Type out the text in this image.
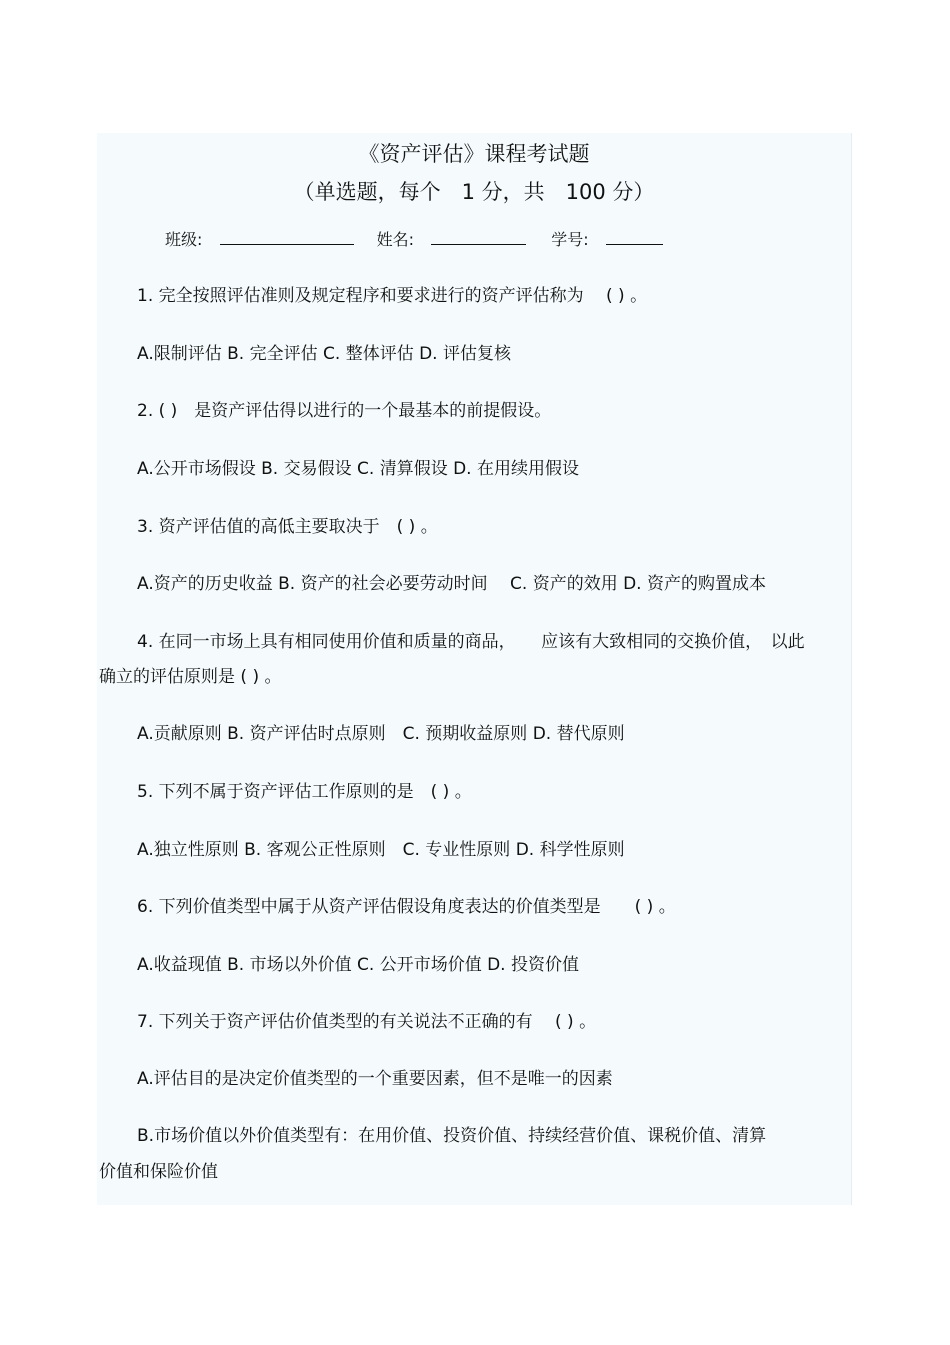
《资产评估》课程考试题
（单选题，每个　1 分，共　100 分）
班级:	姓名:	学号:
1. 完全按照评估准则及规定程序和要求进行的资产评估称为　 ( ) 。
A.限制评估 B. 完全评估 C. 整体评估 D. 评估复核
2. ( )　是资产评估得以进行的一个最基本的前提假设。
A.公开市场假设 B. 交易假设 C. 清算假设 D. 在用续用假设
3. 资产评估值的高低主要取决于　( ) 。
A.资产的历史收益 B. 资产的社会必要劳动时间　 C. 资产的效用 D. 资产的购置成本
4. 在同一市场上具有相同使用价值和质量的商品，　　应该有大致相同的交换价值，　以此
确立的评估原则是 ( ) 。
A.贡献原则 B. 资产评估时点原则　C. 预期收益原则 D. 替代原则
5. 下列不属于资产评估工作原则的是　( ) 。
A.独立性原则 B. 客观公正性原则　C. 专业性原则 D. 科学性原则
6. 下列价值类型中属于从资产评估假设角度表达的价值类型是　　( ) 。
A.收益现值 B. 市场以外价值 C. 公开市场价值 D. 投资价值
7. 下列关于资产评估价值类型的有关说法不正确的有　 ( ) 。
A.评估目的是决定价值类型的一个重要因素，但不是唯一的因素
B.市场价值以外价值类型有：在用价值、投资价值、持续经营价值、课税价值、清算
价值和保险价值
